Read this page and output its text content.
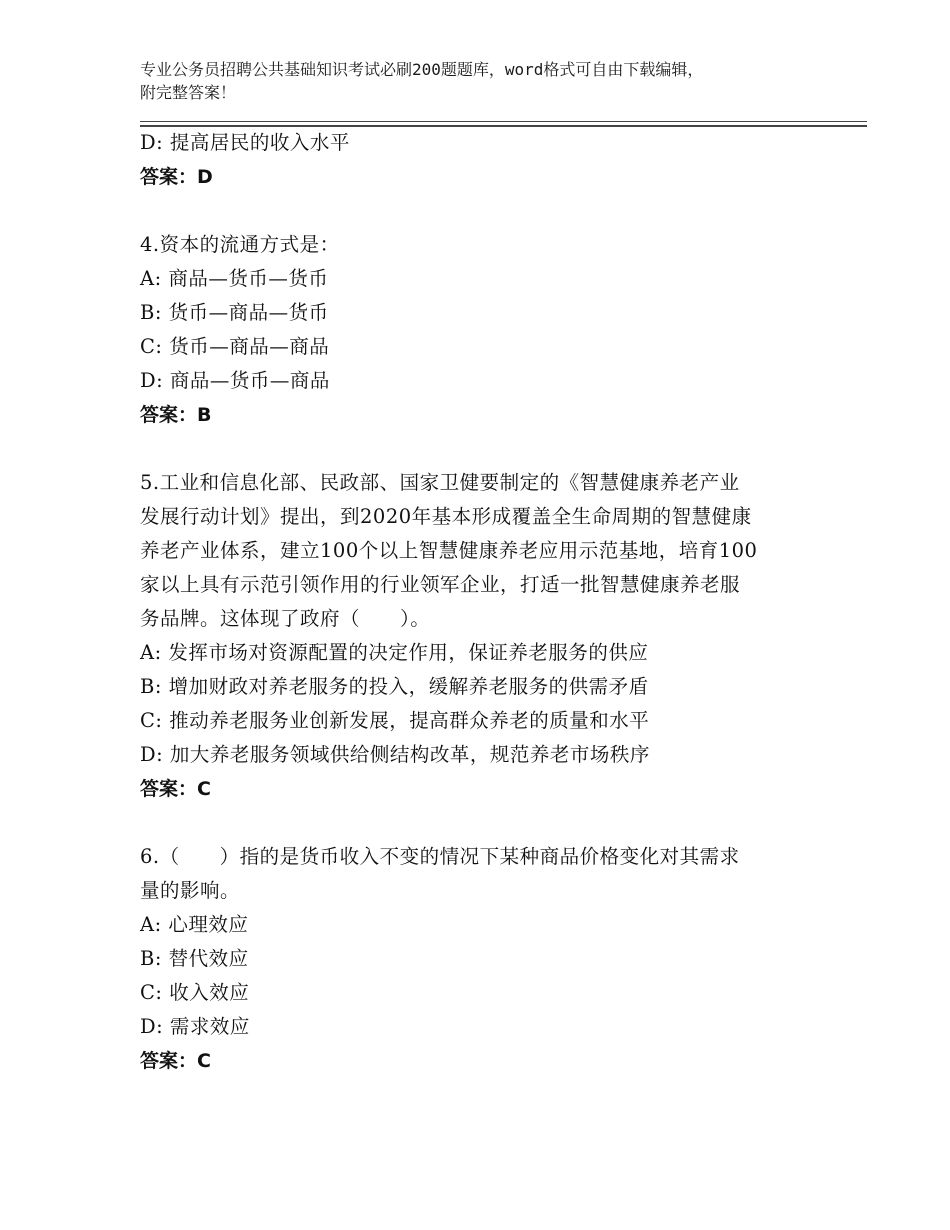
专业公务员招聘公共基础知识考试必刷200题题库，word格式可自由下载编辑，
附完整答案！
D: 提高居民的收入水平
答案：D
4.资本的流通方式是：
A: 商品—货币—货币
B: 货币—商品—货币
C: 货币—商品—商品
D: 商品—货币—商品
答案：B
5.工业和信息化部、民政部、国家卫健要制定的《智慧健康养老产业
发展行动计划》提出，到2020年基本形成覆盖全生命周期的智慧健康
养老产业体系，建立100个以上智慧健康养老应用示范基地，培育100
家以上具有示范引领作用的行业领军企业，打适一批智慧健康养老服
务品牌。这体现了政府（　　）。
A: 发挥市场对资源配置的决定作用，保证养老服务的供应
B: 增加财政对养老服务的投入，缓解养老服务的供需矛盾
C: 推动养老服务业创新发展，提高群众养老的质量和水平
D: 加大养老服务领域供给侧结构改革，规范养老市场秩序
答案：C
6.（　　）指的是货币收入不变的情况下某种商品价格变化对其需求
量的影响。
A: 心理效应
B: 替代效应
C: 收入效应
D: 需求效应
答案：C
